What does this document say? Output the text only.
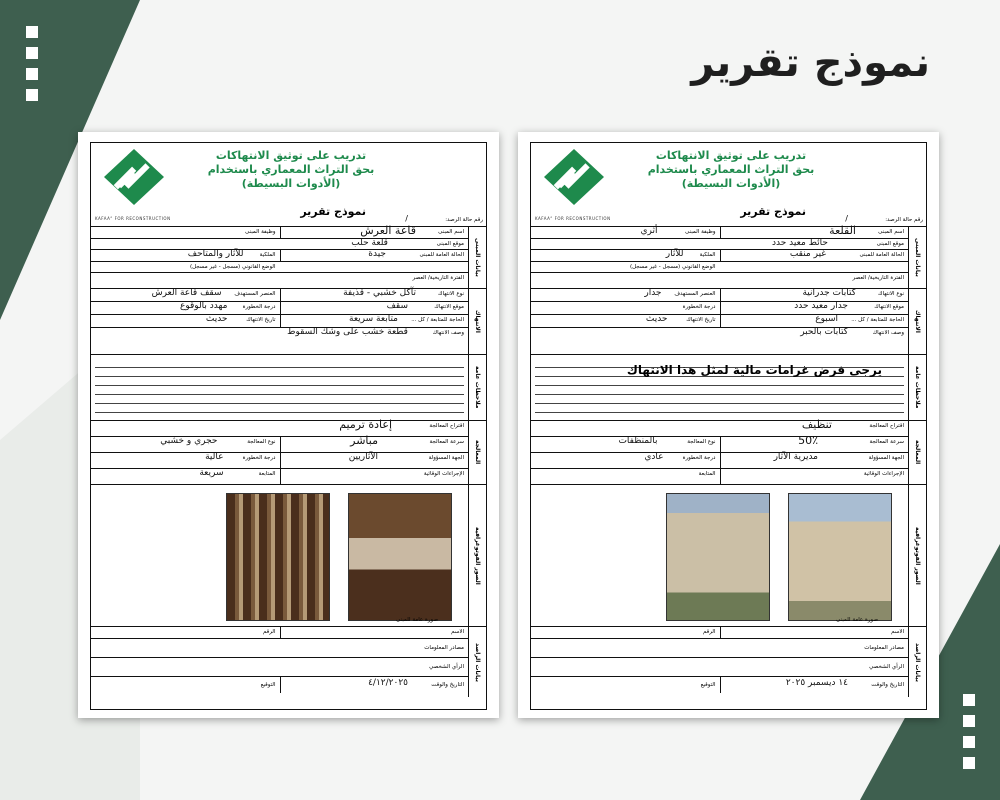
نموذج تقرير
KAFAA° FOR RECONSTRUCTION
تدريب على توثيق الانتهاكات
بحق التراث المعماري باستخدام
(الأدوات البسيطة)
نموذج تقرير
رقم حالة الرصد:
/
بيانات المبنى
اسم المبنى
قاعة العرش
وظيفة المبنى
موقع المبنى
قلعة حلب
الحالة العامة للمبنى
جيدة
الملكية
للآثار والمتاحف
الوضع القانوني (مسجل - غير مسجل)
الفترة التاريخية/ العصر
الانتهاك
نوع الانتهاك
تآكل خشبي - قذيفة
العنصر المستهدف
سقف قاعة العرش
موقع الانتهاك
سقف
درجة الخطورة
مهدد بالوقوع
الحاجة للمتابعة / كل ...
متابعة سريعة
تاريخ الانتهاك
حديث
وصف الانتهاك
قطعة خشب على وشك السقوط
ملاحظات عامة
المعالجة
اقتراح المعالجة
إعادة ترميم
سرعة المعالجة
مباشر
نوع المعالجة
حجري و خشبي
الجهة المسؤولة
الآثاريين
درجة الخطورة
عالية
الإجراءات الوقائية
المتابعة
سريعة
الصور الفوتوغرافية
صورة عامة للمبنى
بيانات الراصد
الاسم
الرقم
مصادر المعلومات
الرأي الشخصي
التاريخ والوقت
٤/١٢/٢٠٢٥
التوقيع
KAFAA° FOR RECONSTRUCTION
تدريب على توثيق الانتهاكات
بحق التراث المعماري باستخدام
(الأدوات البسيطة)
نموذج تقرير
رقم حالة الرصد:
/
بيانات المبنى
اسم المبنى
القلعة
وظيفة المبنى
أثري
موقع المبنى
حائط معيد حدد
الحالة العامة للمبنى
غير منقب
الملكية
للآثار
الوضع القانوني (مسجل - غير مسجل)
الفترة التاريخية/ العصر
الانتهاك
نوع الانتهاك
كتابات جدرانية
العنصر المستهدف
جدار
موقع الانتهاك
جدار معيد حدد
درجة الخطورة
الحاجة للمتابعة / كل ...
اسبوع
تاريخ الانتهاك
حديث
وصف الانتهاك
كتابات بالحبر
ملاحظات عامة
يرجى فرض غرامات مالية لمثل هذا الانتهاك
المعالجة
اقتراح المعالجة
تنظيف
سرعة المعالجة
50٪
نوع المعالجة
بالمنظفات
الجهة المسؤولة
مديرية الآثار
درجة الخطورة
عادي
الإجراءات الوقائية
المتابعة
الصور الفوتوغرافية
صورة عامة للمبنى
بيانات الراصد
الاسم
الرقم
مصادر المعلومات
الرأي الشخصي
التاريخ والوقت
١٤ ديسمبر ٢٠٢٥
التوقيع
